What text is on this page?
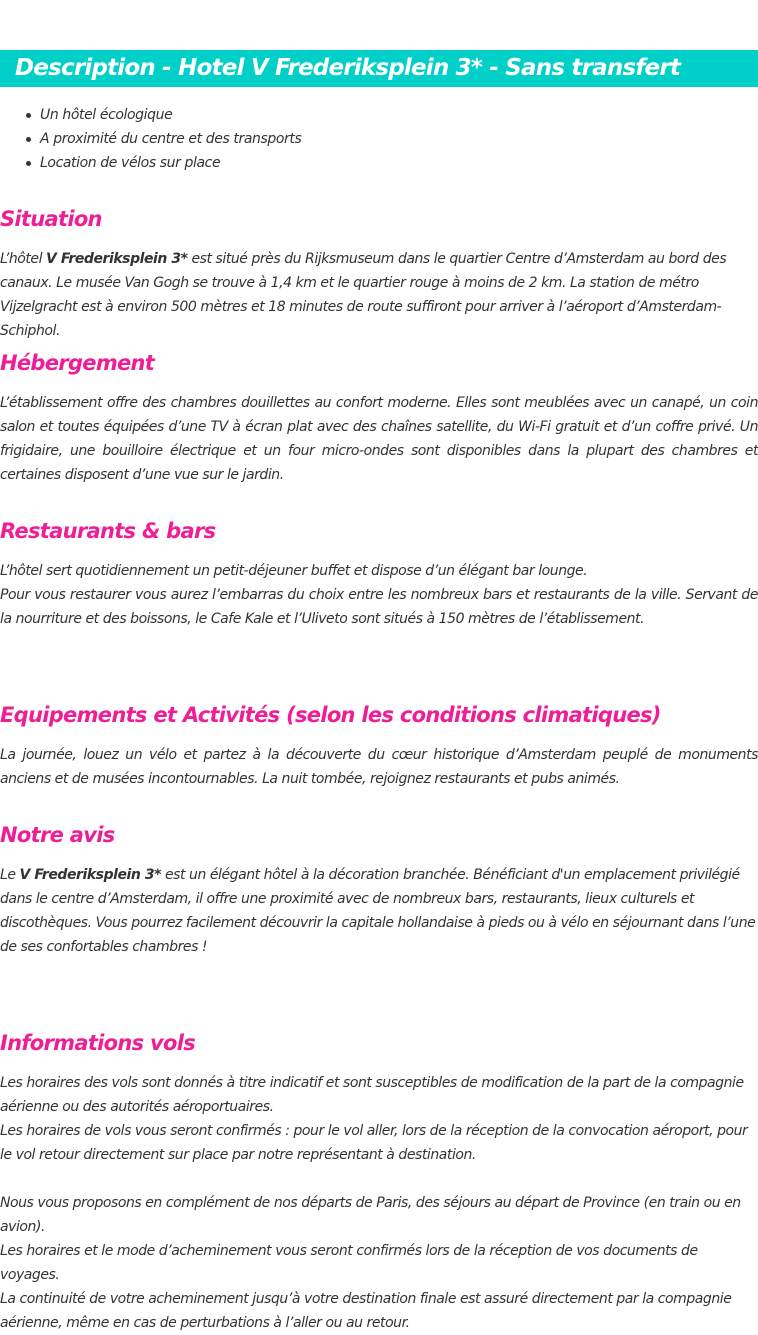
Description - Hotel V Frederiksplein 3* - Sans transfert
Un hôtel écologique
A proximité du centre et des transports
Location de vélos sur place
Situation

L’hôtel V Frederiksplein 3* est situé près du Rijksmuseum dans le quartier Centre d’Amsterdam au bord des canaux. Le musée Van Gogh se trouve à 1,4 km et le quartier rouge à moins de 2 km. La station de métro Vijzelgracht est à environ 500 mètres et 18 minutes de route suffiront pour arriver à l’aéroport d’Amsterdam-Schiphol.

Hébergement

L’établissement offre des chambres douillettes au confort moderne. Elles sont meublées avec un canapé, un coin salon et toutes équipées d’une TV à écran plat avec des chaînes satellite, du Wi-Fi gratuit et d’un coffre privé. Un frigidaire, une bouilloire électrique et un four micro-ondes sont disponibles dans la plupart des chambres et certaines disposent d’une vue sur le jardin.

Restaurants & bars

L’hôtel sert quotidiennement un petit-déjeuner buffet et dispose d’un élégant bar lounge.
Pour vous restaurer vous aurez l’embarras du choix entre les nombreux bars et restaurants de la ville. Servant de la nourriture et des boissons, le Cafe Kale et l’Uliveto sont situés à 150 mètres de l’établissement.

Equipements et Activités (selon les conditions climatiques)

La journée, louez un vélo et partez à la découverte du cœur historique d’Amsterdam peuplé de monuments anciens et de musées incontournables. La nuit tombée, rejoignez restaurants et pubs animés.

Notre avis

Le V Frederiksplein 3* est un élégant hôtel à la décoration branchée. Bénéficiant d'un emplacement privilégié dans le centre d’Amsterdam, il offre une proximité avec de nombreux bars, restaurants, lieux culturels et discothèques. Vous pourrez facilement découvrir la capitale hollandaise à pieds ou à vélo en séjournant dans l’une de ses confortables chambres !

Informations vols
Les horaires des vols sont donnés à titre indicatif et sont susceptibles de modification de la part de la compagnie aérienne ou des autorités aéroportuaires.
Les horaires de vols vous seront confirmés : pour le vol aller, lors de la réception de la convocation aéroport, pour le vol retour directement sur place par notre représentant à destination.
Nous vous proposons en complément de nos départs de Paris, des séjours au départ de Province (en train ou en avion).
Les horaires et le mode d’acheminement vous seront confirmés lors de la réception de vos documents de voyages.
La continuité de votre acheminement jusqu’à votre destination finale est assuré directement par la compagnie aérienne, même en cas de perturbations à l’aller ou au retour.
